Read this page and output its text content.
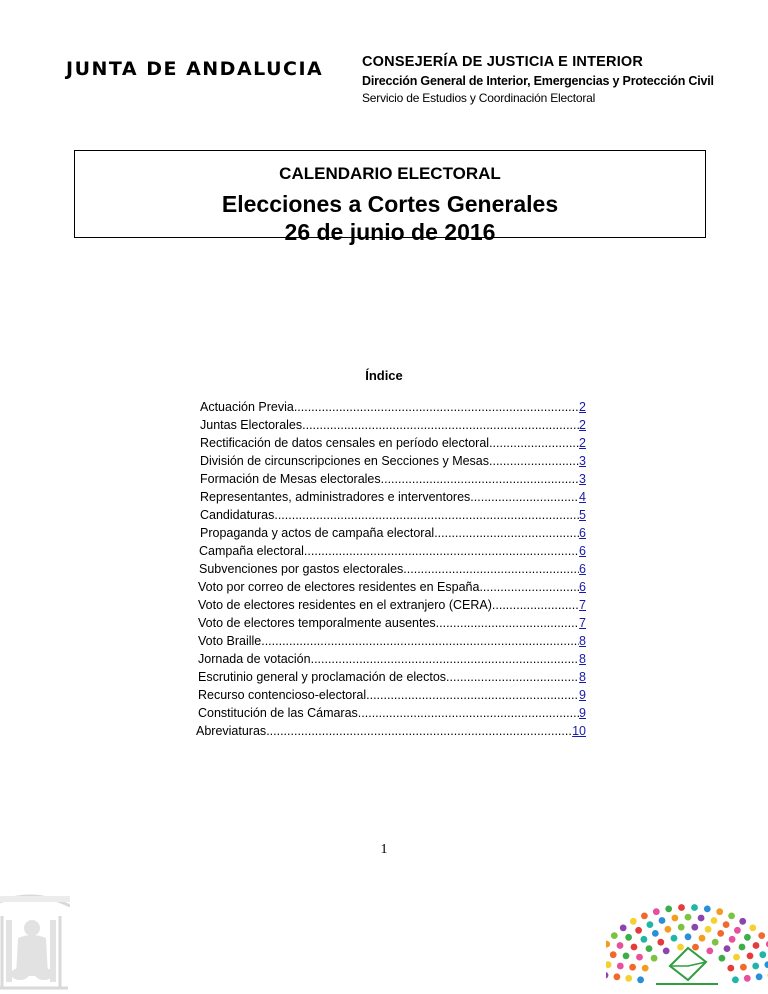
JUNTA DE ANDALUCIA	CONSEJERÍA DE JUSTICIA E INTERIOR
Dirección General de Interior, Emergencias y Protección Civil
Servicio de Estudios y Coordinación Electoral
CALENDARIO ELECTORAL
Elecciones a Cortes Generales
26 de junio de 2016
Índice
Actuación Previa .....	2
Juntas Electorales .....	2
Rectificación de datos censales en período electoral .....	2
División de circunscripciones en Secciones y Mesas .....	3
Formación de Mesas electorales .....	3
Representantes, administradores e interventores .....	4
Candidaturas .....	5
Propaganda y actos de campaña electoral .....	6
Campaña electoral .....	6
Subvenciones por gastos electorales .....	6
Voto por correo de electores residentes en España .....	6
Voto de electores residentes en el extranjero (CERA) .....	7
Voto de electores temporalmente ausentes .....	7
Voto Braille .....	8
Jornada de votación .....	8
Escrutinio general y proclamación de electos .....	8
Recurso contencioso-electoral .....	9
Constitución de las Cámaras .....	9
Abreviaturas .....	10
1
